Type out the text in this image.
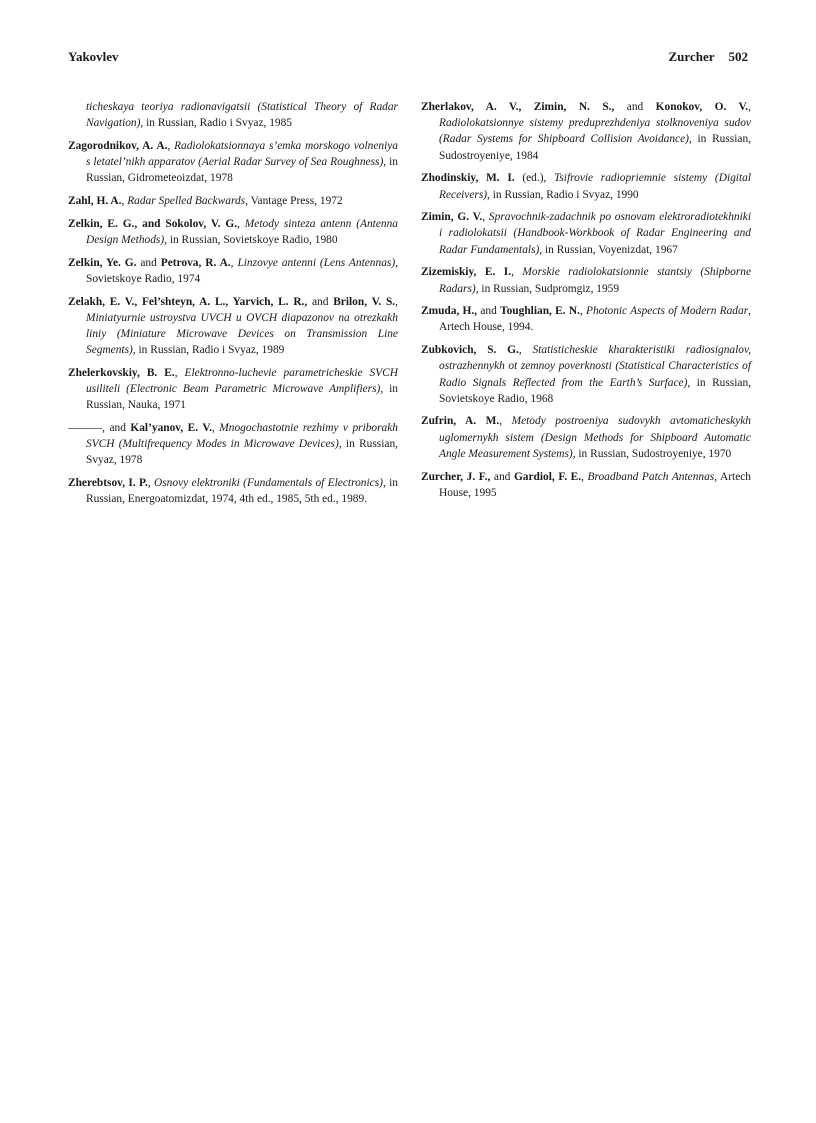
Yakovlev	Zurcher 502

ticheskaya teoriya radionavigatsii (Statistical Theory of Radar Navigation), in Russian, Radio i Svyaz, 1985

Zagorodnikov, A. A., Radiolokatsionnaya s’emka morskogo volneniya s letatel’nikh apparatov (Aerial Radar Survey of Sea Roughness), in Russian, Gidrometeoizdat, 1978

Zahl, H. A., Radar Spelled Backwards, Vantage Press, 1972

Zelkin, E. G., and Sokolov, V. G., Metody sinteza antenn (Antenna Design Methods), in Russian, Sovietskoye Radio, 1980

Zelkin, Ye. G. and Petrova, R. A., Linzovye antenni (Lens Antennas), Sovietskoye Radio, 1974

Zelakh, E. V., Fel’shteyn, A. L., Yarvich, L. R., and Brilon, V. S., Miniatyurnie ustroystva UVCH u OVCH diapazonov na otrezkakh liniy (Miniature Microwave Devices on Transmission Line Segments), in Russian, Radio i Svyaz, 1989

Zhelerkovskiy, B. E., Elektronno-luchevie parametricheskie SVCH usiliteli (Electronic Beam Parametric Microwave Amplifiers), in Russian, Nauka, 1971

———, and Kal’yanov, E. V., Mnogochastotnie rezhimy v priborakh SVCH (Multifrequency Modes in Microwave Devices), in Russian, Svyaz, 1978

Zherebtsov, I. P., Osnovy elektroniki (Fundamentals of Electronics), in Russian, Energoatomizdat, 1974, 4th ed., 1985, 5th ed., 1989.

Zherlakov, A. V., Zimin, N. S., and Konokov, O. V., Radiolokatsionnye sistemy preduprezhdeniya stolknoveniya sudov (Radar Systems for Shipboard Collision Avoidance), in Russian, Sudostroyeniye, 1984

Zhodinskiy, M. I. (ed.), Tsifrovie radiopriemnie sistemy (Digital Receivers), in Russian, Radio i Svyaz, 1990

Zimin, G. V., Spravochnik-zadachnik po osnovam elektroradiotekhniki i radiolokatsii (Handbook-Workbook of Radar Engineering and Radar Fundamentals), in Russian, Voyenizdat, 1967

Zizemiskiy, E. I., Morskie radiolokatsionnie stantsiy (Shipborne Radars), in Russian, Sudpromgiz, 1959

Zmuda, H., and Toughlian, E. N., Photonic Aspects of Modern Radar, Artech House, 1994.

Zubkovich, S. G., Statisticheskie kharakteristiki radiosignalov, ostrazhennykh ot zemnoy poverknosti (Statistical Characteristics of Radio Signals Reflected from the Earth’s Surface), in Russian, Sovietskoye Radio, 1968

Zufrin, A. M., Metody postroeniya sudovykh avtomaticheskykh uglomernykh sistem (Design Methods for Shipboard Automatic Angle Measurement Systems), in Russian, Sudostroyeniye, 1970

Zurcher, J. F., and Gardiol, F. E., Broadband Patch Antennas, Artech House, 1995
